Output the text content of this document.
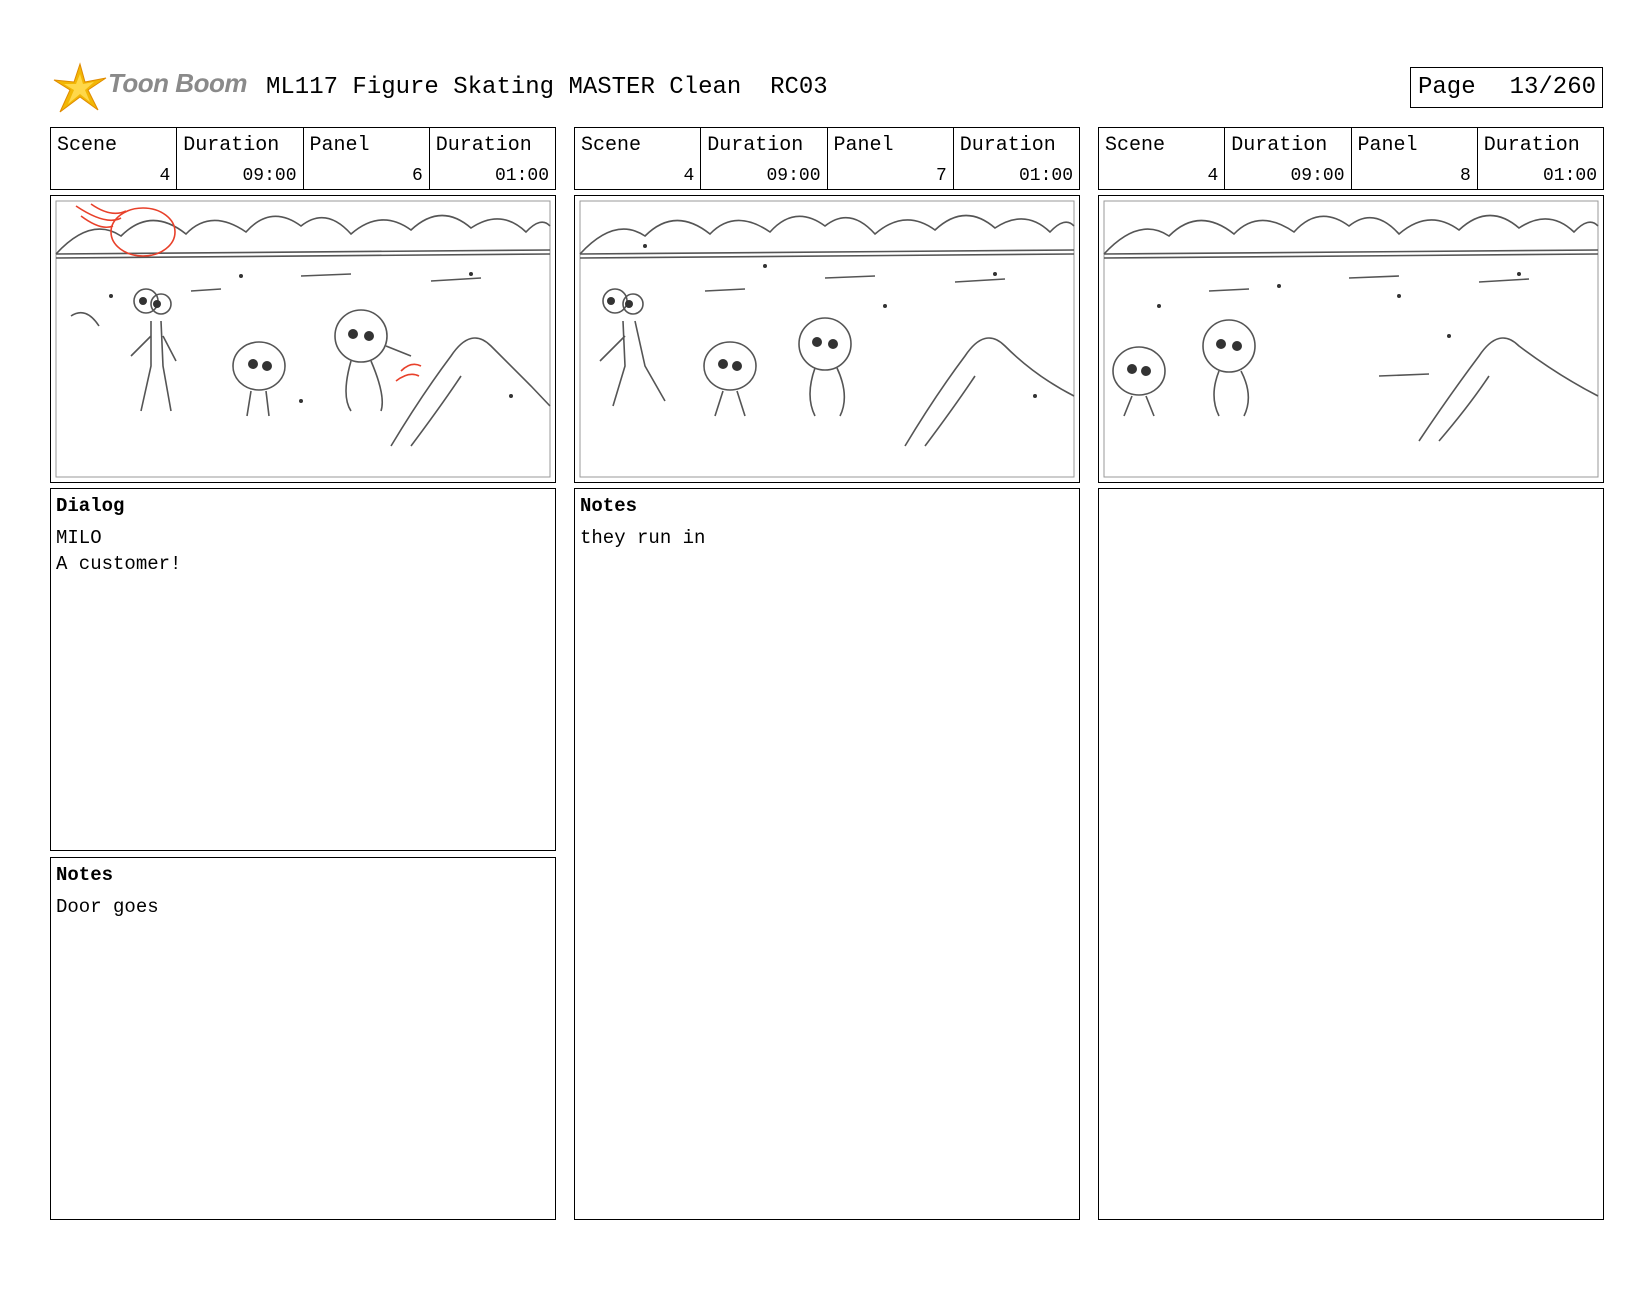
Toon Boom ML117 Figure Skating MASTER Clean  RC03	Page 13/260
Scene
4
Duration
09:00
Panel
6
Duration
01:00
Dialog
MILO
A customer!
Notes
Door goes
Scene
4
Duration
09:00
Panel
7
Duration
01:00
Notes
they run in
Scene
4
Duration
09:00
Panel
8
Duration
01:00
